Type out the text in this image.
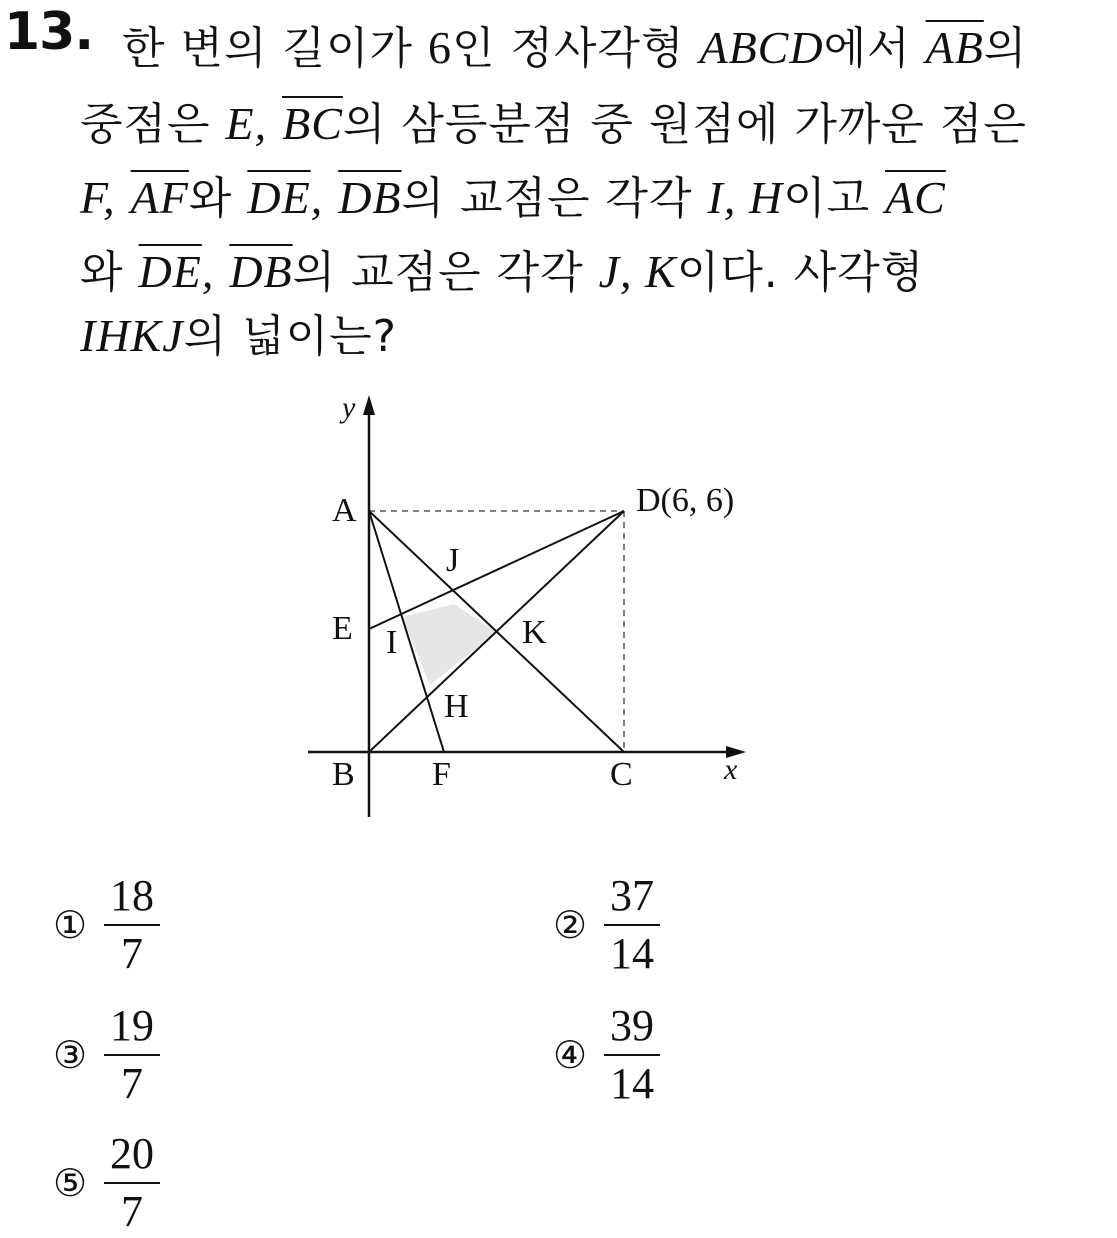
13. 한 변의 길이가 6인 정사각형 ABCD에서 $\overline{AB}$의
중점은 E, $\overline{BC}$의 삼등분점 중 원점에 가까운 점은
F, $\overline{AF}$와 $\overline{DE}$, $\overline{DB}$의 교점은 각각 I, H이고 $\overline{AC}$
와 $\overline{DE}$, $\overline{DB}$의 교점은 각각 J, K이다. 사각형
IHKJ의 넓이는?
y
x
A	D(6, 6)
J
E I	K
H
B F	C
① $\frac{18}{7}$	② $\frac{37}{14}$
③ $\frac{19}{7}$	④ $\frac{39}{14}$
⑤ $\frac{20}{7}$
